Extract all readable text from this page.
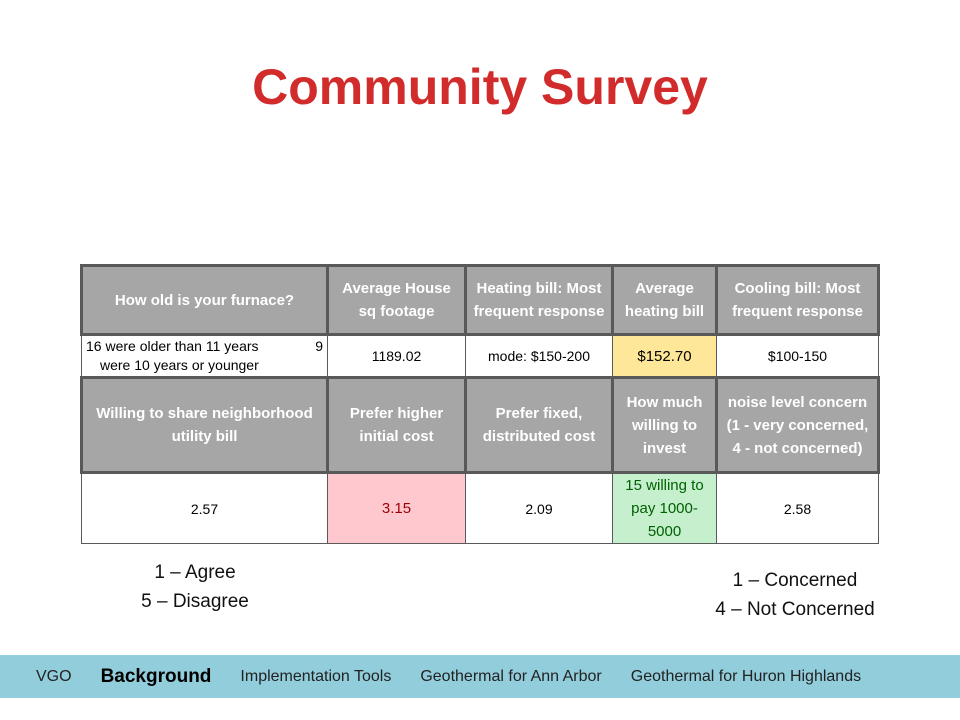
Community Survey
How old is your furnace?	Average House sq footage	Heating bill: Most frequent response	Average heating bill	Cooling bill: Most frequent response

16 were older than 11 years 9
were 10 years or younger	1189.02	mode: $150-200	$152.70	$100-150
Willing to share neighborhood utility bill	Prefer higher initial cost	Prefer fixed, distributed cost	How much willing to invest	noise level concern (1 - very concerned, 4 - not concerned)
2.57	3.15	2.09	15 willing to pay 1000-5000	2.58
1 – Agree
5 – Disagree
1 – Concerned
4 – Not Concerned
VGO Background Implementation Tools Geothermal for Ann Arbor Geothermal for Huron Highlands
